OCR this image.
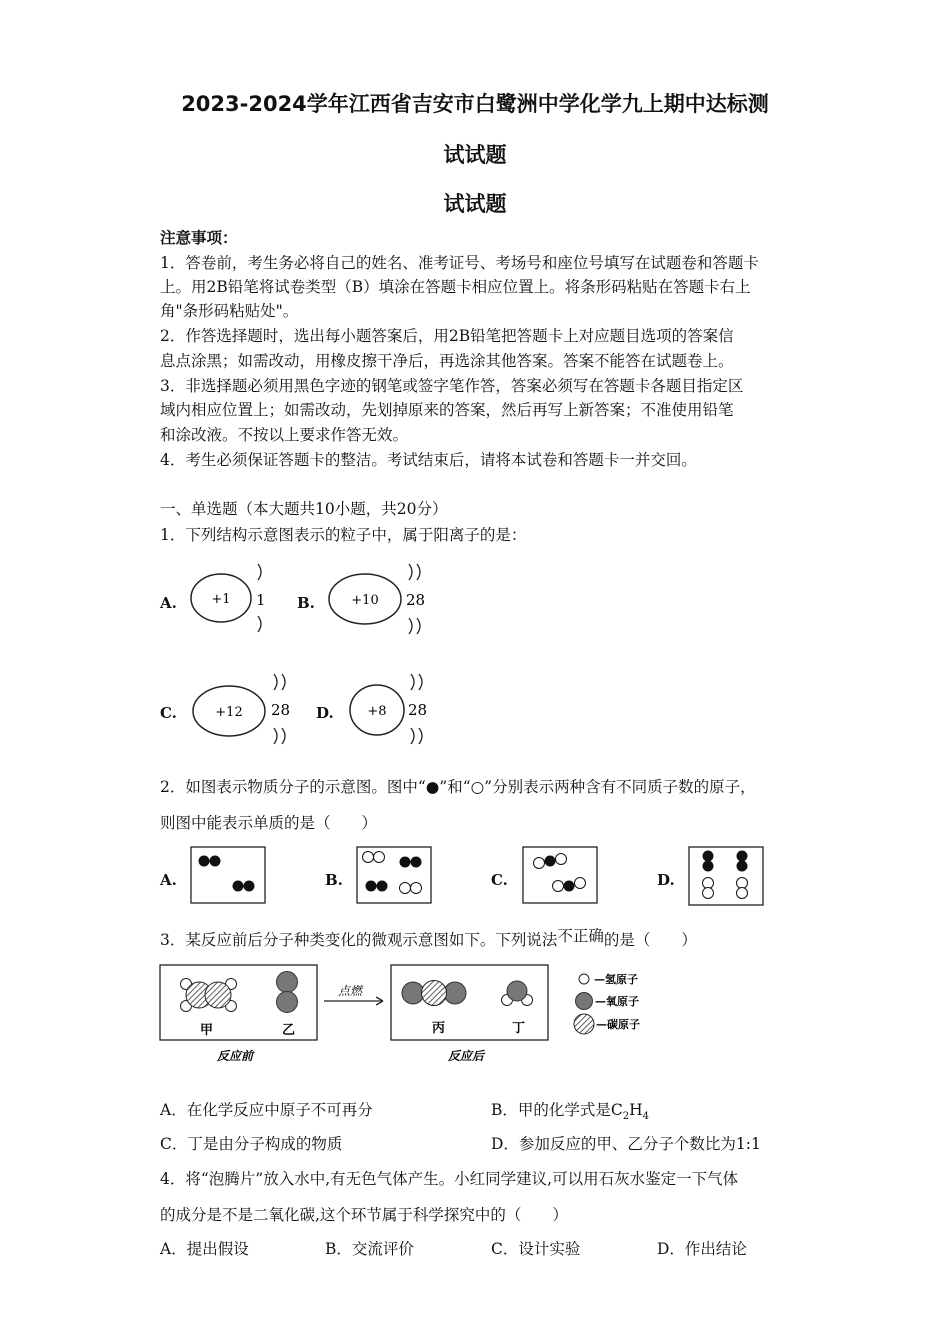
2023-2024学年江西省吉安市白鹭洲中学化学九上期中达标测
试试题
试试题
注意事项：
1．答卷前，考生务必将自己的姓名、准考证号、考场号和座位号填写在试题卷和答题卡
上。用2B铅笔将试卷类型（B）填涂在答题卡相应位置上。将条形码粘贴在答题卡右上
角"条形码粘贴处"。
2．作答选择题时，选出每小题答案后，用2B铅笔把答题卡上对应题目选项的答案信
息点涂黑；如需改动，用橡皮擦干净后，再选涂其他答案。答案不能答在试题卷上。
3．非选择题必须用黑色字迹的钢笔或签字笔作答，答案必须写在答题卡各题目指定区
域内相应位置上；如需改动，先划掉原来的答案，然后再写上新答案；不准使用铅笔
和涂改液。不按以上要求作答无效。
4．考生必须保证答题卡的整洁。考试结束后，请将本试卷和答题卡一并交回。
一、单选题（本大题共10小题，共20分）
1．下列结构示意图表示的粒子中，属于阳离子的是：
A.	+1 1 B.	+10 28
C.	+12 28 D.	+8 28
2．如图表示物质分子的示意图。图中“●”和“○”分别表示两种含有不同质子数的原子，
则图中能表示单质的是（　　）
A.	B.	C.	D.
3．某反应前后分子种类变化的微观示意图如下。下列说法不正确的是（　　）
甲	乙
反应前
点燃
丙	丁
反应后
—氢原子
—氧原子
—碳原子
A．在化学反应中原子不可再分	B．甲的化学式是$C_2H_4$
C．丁是由分子构成的物质	D．参加反应的甲、乙分子个数比为1:1
4．将“泡腾片”放入水中,有无色气体产生。小红同学建议,可以用石灰水鉴定一下气体
的成分是不是二氧化碳,这个环节属于科学探究中的（　　）
A．提出假设	B．交流评价	C．设计实验	D．作出结论
